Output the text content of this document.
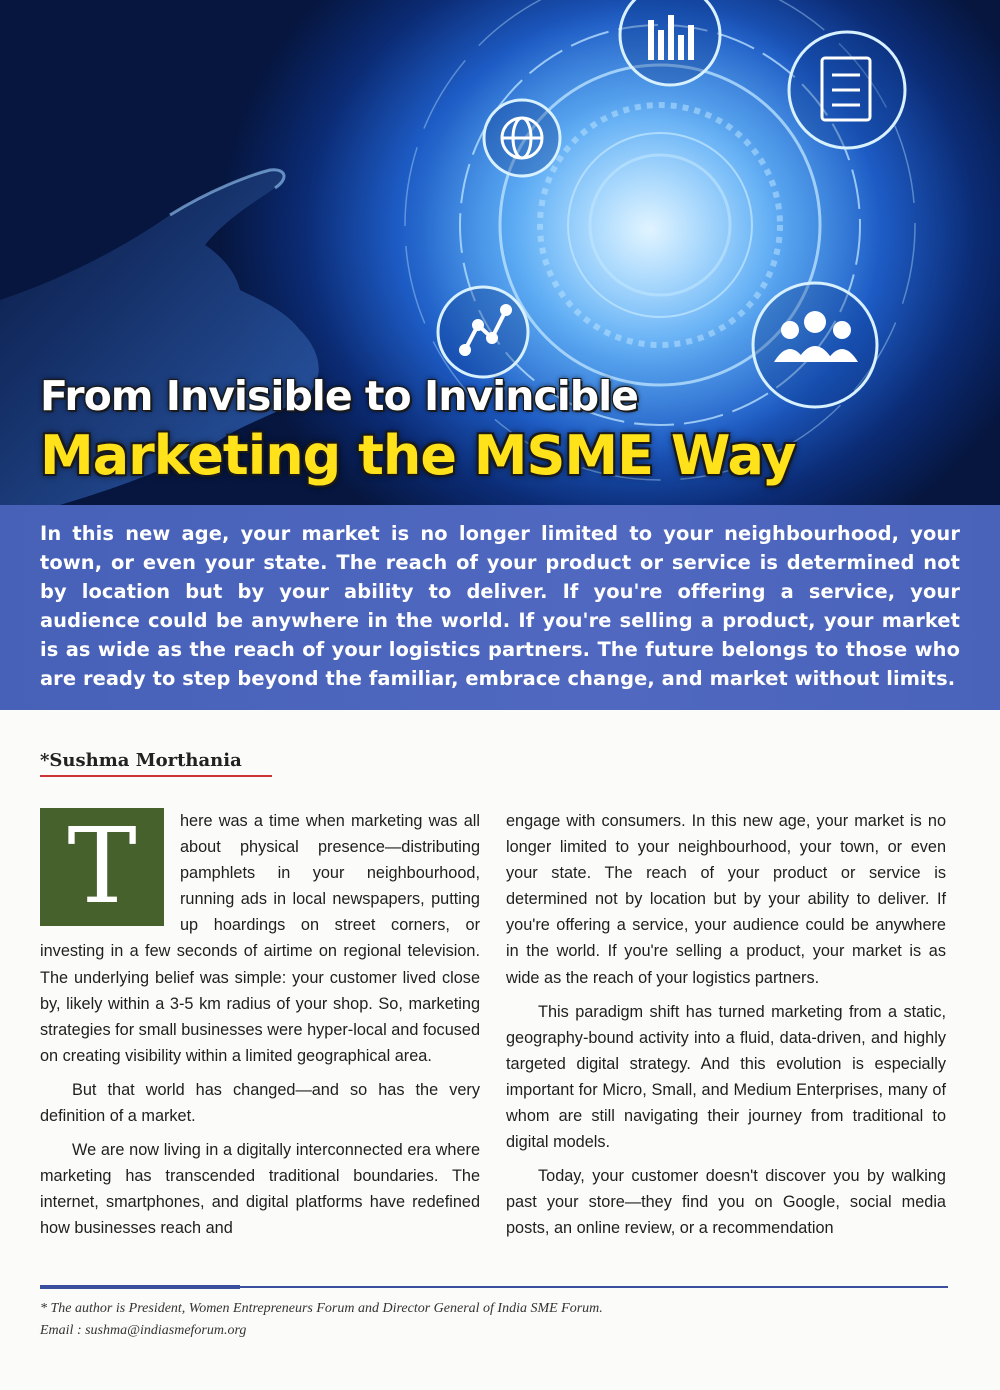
From Invisible to Invincible
Marketing the MSME Way

In this new age, your market is no longer limited to your neighbourhood, your town, or even your state. The reach of your product or service is determined not by location but by your ability to deliver. If you're offering a service, your audience could be anywhere in the world. If you're selling a product, your market is as wide as the reach of your logistics partners. The future belongs to those who are ready to step beyond the familiar, embrace change, and market without limits.

*Sushma Morthania
T	here was a time when marketing was all about physical presence—distributing pamphlets in your neighbourhood, running ads in local newspapers, putting up hoardings on street corners, or investing in a few seconds of airtime on regional television. The underlying belief was simple: your customer lived close by, likely within a 3-5 km radius of your shop. So, marketing strategies for small businesses were hyper-local and focused on creating visibility within a limited geographical area.

But that world has changed—and so has the very definition of a market.

We are now living in a digitally interconnected era where marketing has transcended traditional boundaries. The internet, smartphones, and digital platforms have redefined how businesses reach and

engage with consumers. In this new age, your market is no longer limited to your neighbourhood, your town, or even your state. The reach of your product or service is determined not by location but by your ability to deliver. If you're offering a service, your audience could be anywhere in the world. If you're selling a product, your market is as wide as the reach of your logistics partners.

This paradigm shift has turned marketing from a static, geography-bound activity into a fluid, data-driven, and highly targeted digital strategy. And this evolution is especially important for Micro, Small, and Medium Enterprises, many of whom are still navigating their journey from traditional to digital models.

Today, your customer doesn't discover you by walking past your store—they find you on Google, social media posts, an online review, or a recommendation

* The author is President, Women Entrepreneurs Forum and Director General of India SME Forum.
Email : sushma@indiasmeforum.org
